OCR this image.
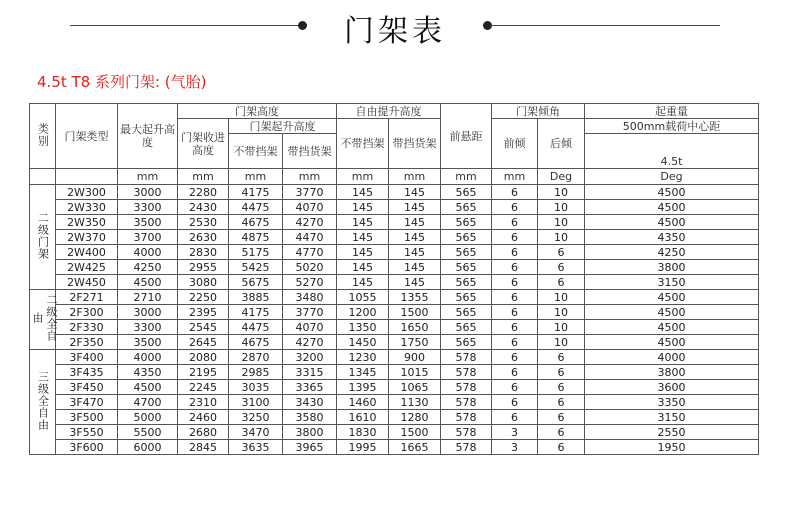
门架表
4.5t T8 系列门架: (气胎)
类别	门架类型	最大起升高度	门架高度			自由提升高度		前悬距	门架倾角		起重量
			门架收进高度	门架起升高度		不带挡架	带挡货架		前倾	后倾	500mm载荷中心距
				不带挡架	带挡货架						4.5t
		mm	mm	mm	mm	mm	mm	mm	mm	Deg	Deg
二级门架	2W300	3000	2280	4175	3770	145	145	565	6	10	4500
	2W330	3300	2430	4475	4070	145	145	565	6	10	4500
	2W350	3500	2530	4675	4270	145	145	565	6	10	4500
	2W370	3700	2630	4875	4470	145	145	565	6	10	4350
	2W400	4000	2830	5175	4770	145	145	565	6	6	4250
	2W425	4250	2955	5425	5020	145	145	565	6	6	3800
	2W450	4500	3080	5675	5270	145	145	565	6	6	3150
二级全自由	2F271	2710	2250	3885	3480	1055	1355	565	6	10	4500
	2F300	3000	2395	4175	3770	1200	1500	565	6	10	4500
	2F330	3300	2545	4475	4070	1350	1650	565	6	10	4500
	2F350	3500	2645	4675	4270	1450	1750	565	6	10	4500
三级全自由	3F400	4000	2080	2870	3200	1230	900	578	6	6	4000
	3F435	4350	2195	2985	3315	1345	1015	578	6	6	3800
	3F450	4500	2245	3035	3365	1395	1065	578	6	6	3600
	3F470	4700	2310	3100	3430	1460	1130	578	6	6	3350
	3F500	5000	2460	3250	3580	1610	1280	578	6	6	3150
	3F550	5500	2680	3470	3800	1830	1500	578	3	6	2550
	3F600	6000	2845	3635	3965	1995	1665	578	3	6	1950
